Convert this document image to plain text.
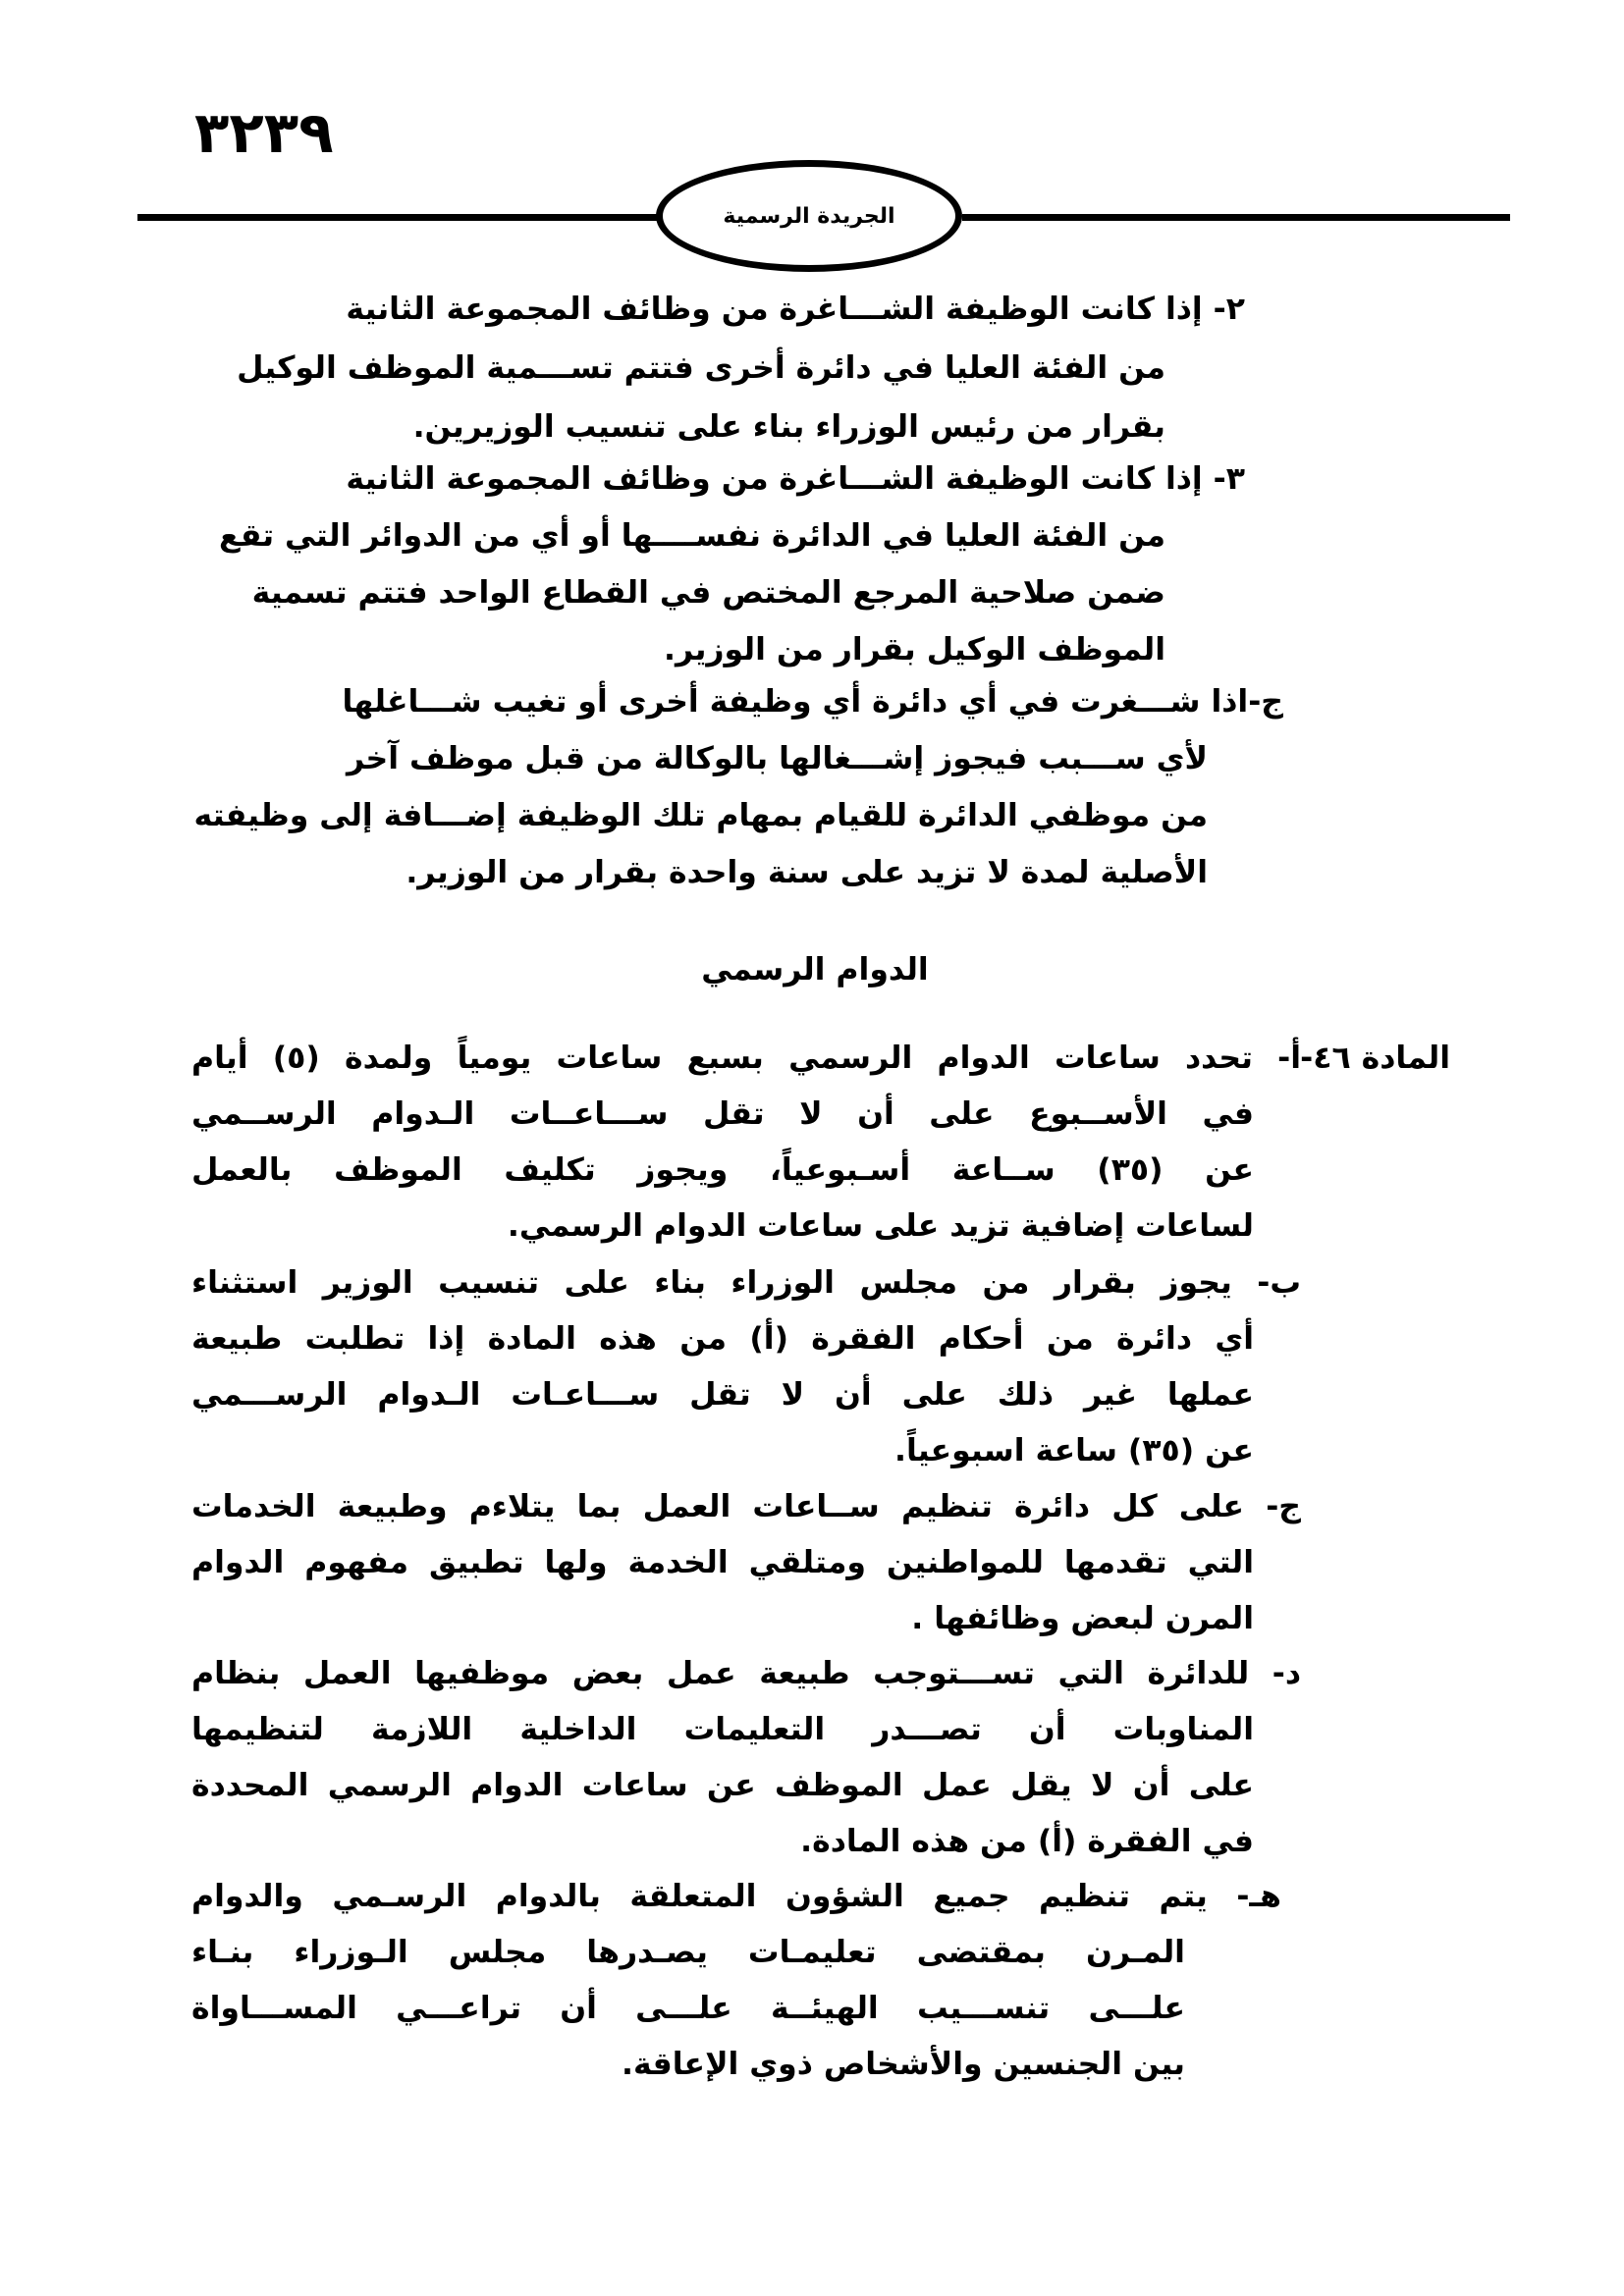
٣٢٣٩
الجريدة الرسمية
٢- إذا كانت الوظيفة الشـــاغرة من وظائف المجموعة الثانية
من الفئة العليا في دائرة أخرى فتتم تســـمية الموظف الوكيل
بقرار من رئيس الوزراء بناء على تنسيب الوزيرين.
٣- إذا كانت الوظيفة الشـــاغرة من وظائف المجموعة الثانية
من الفئة العليا في الدائرة نفســــها أو أي من الدوائر التي تقع
ضمن صلاحية المرجع المختص في القطاع الواحد فتتم تسمية
الموظف الوكيل بقرار من الوزير.
ج-اذا شـــغرت في أي دائرة أي وظيفة أخرى أو تغيب شـــاغلها
لأي ســـبب فيجوز إشـــغالها بالوكالة من قبل موظف آخر
من موظفي الدائرة للقيام بمهام تلك الوظيفة إضـــافة إلى وظيفته
الأصلية لمدة لا تزيد على سنة واحدة بقرار من الوزير.
الدوام الرسمي
المادة ٤٦-
أ- تحدد ساعات الدوام الرسمي بسبع ساعات يومياً ولمدة (٥) أيام
في الأســبوع على أن لا تقل ســـاعــات الـدوام الرســمي
عن (٣٥) ســاعة أسـبوعياً، ويجوز تكليف الموظف بالعمل
لساعات إضافية تزيد على ساعات الدوام الرسمي.
ب- يجوز بقرار من مجلس الوزراء بناء على تنسيب الوزير استثناء
أي دائرة من أحكام الفقرة (أ) من هذه المادة إذا تطلبت طبيعة
عملها غير ذلك على أن لا تقل ســـاعـات الـدوام الرســـمي
عن (٣٥) ساعة اسبوعياً.
ج- على كل دائرة تنظيم ســاعات العمل بما يتلاءم وطبيعة الخدمات
التي تقدمها للمواطنين ومتلقي الخدمة ولها تطبيق مفهوم الدوام
المرن لبعض وظائفها .
د- للدائرة التي تســـتوجب طبيعة عمل بعض موظفيها العمل بنظام
المناوبات أن تصـــدر التعليمات الداخلية اللازمة لتنظيمها
على أن لا يقل عمل الموظف عن ساعات الدوام الرسمي المحددة
في الفقرة (أ) من هذه المادة.
هـ- يتم تنظيم جميع الشؤون المتعلقة بالدوام الرسـمي والدوام
المـرن بمقتضى تعليمـات يصـدرها مجلس الـوزراء بنـاء
علـــى تنســـيب الهيئــة علـــى أن تراعـــي المســـاواة
بين الجنسين والأشخاص ذوي الإعاقة.
